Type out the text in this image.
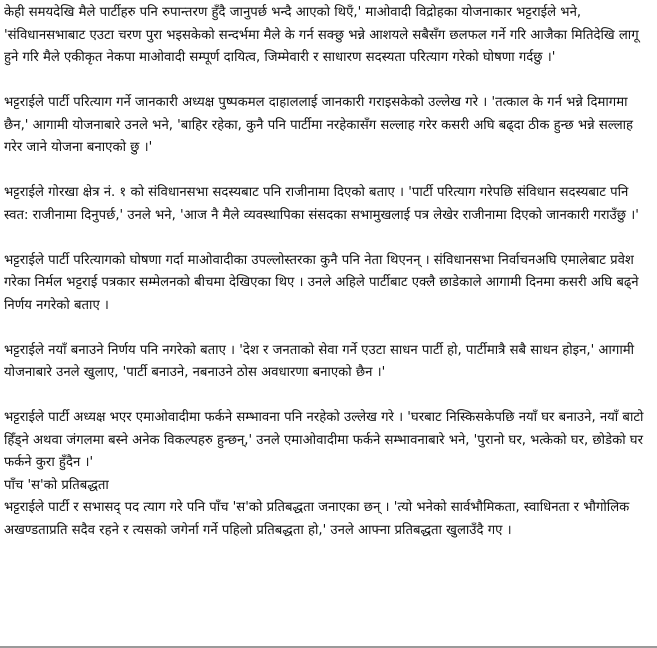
केही समयदेखि मैले पार्टीहरु पनि रुपान्तरण हुँदै जानुपर्छ भन्दै आएको थिएँ,' माओवादी विद्रोहका योजनाकार भट्टराईले भने, 'संविधानसभाबाट एउटा चरण पुरा भइसकेको सन्दर्भमा मैले के गर्न सक्छु भन्ने आशयले सबैसँग छलफल गर्ने गरि आजैका मितिदेखि लागू हुने गरि मैले एकीकृत नेकपा माओवादी सम्पूर्ण दायित्व, जिम्मेवारी र साधारण सदस्यता परित्याग गरेको घोषणा गर्दछु ।'

भट्टराईले पार्टी परित्याग गर्ने जानकारी अध्यक्ष पुष्पकमल दाहाललाई जानकारी गराइसकेको उल्लेख गरे । 'तत्काल के गर्न भन्ने दिमागमा छैन,' आगामी योजनाबारे उनले भने, 'बाहिर रहेका, कुनै पनि पार्टीमा नरहेकासँग सल्लाह गरेर कसरी अघि बढ्दा ठीक हुन्छ भन्ने सल्लाह गरेर जाने योजना बनाएको छु ।'

भट्टराईले गोरखा क्षेत्र नं. १ को संविधानसभा सदस्यबाट पनि राजीनामा दिएको बताए । 'पार्टी परित्याग गरेपछि संविधान सदस्यबाट पनि स्वत: राजीनामा दिनुपर्छ,' उनले भने, 'आज नै मैले व्यवस्थापिका संसदका सभामुखलाई पत्र लेखेर राजीनामा दिएको जानकारी गराउँछु ।'

भट्टराईले पार्टी परित्यागको घोषणा गर्दा माओवादीका उपल्लोस्तरका कुनै पनि नेता थिएनन् । संविधानसभा निर्वाचनअघि एमालेबाट प्रवेश गरेका निर्मल भट्टराई पत्रकार सम्मेलनको बीचमा देखिएका थिए । उनले अहिले पार्टीबाट एक्लै छाडेकाले आगामी दिनमा कसरी अघि बढ्ने निर्णय नगरेको बताए ।

भट्टराईले नयाँ बनाउने निर्णय पनि नगरेको बताए । 'देश र जनताको सेवा गर्ने एउटा साधन पार्टी हो, पार्टीमात्रै सबै साधन होइन,' आगामी योजनाबारे उनले खुलाए, 'पार्टी बनाउने, नबनाउने ठोस अवधारणा बनाएको छैन ।'

भट्टराईले पार्टी अध्यक्ष भएर एमाओवादीमा फर्कने सम्भावना पनि नरहेको उल्लेख गरे । 'घरबाट निस्किसकेपछि नयाँ घर बनाउने, नयाँ बाटो हिँड्ने अथवा जंगलमा बस्ने अनेक विकल्पहरु हुन्छन्,' उनले एमाओवादीमा फर्कने सम्भावनाबारे भने, 'पुरानो घर, भत्केको घर, छोडेको घर फर्कने कुरा हुँदैन ।'

पाँच 'स'को प्रतिबद्धता

भट्टराईले पार्टी र सभासद् पद त्याग गरे पनि पाँच 'स'को प्रतिबद्धता जनाएका छन् । 'त्यो भनेको सार्वभौमिकता, स्वाधिनता र भौगोलिक अखण्डताप्रति सदैव रहने र त्यसको जगेर्ना गर्ने पहिलो प्रतिबद्धता हो,' उनले आफ्ना प्रतिबद्धता खुलाउँदै गए ।
